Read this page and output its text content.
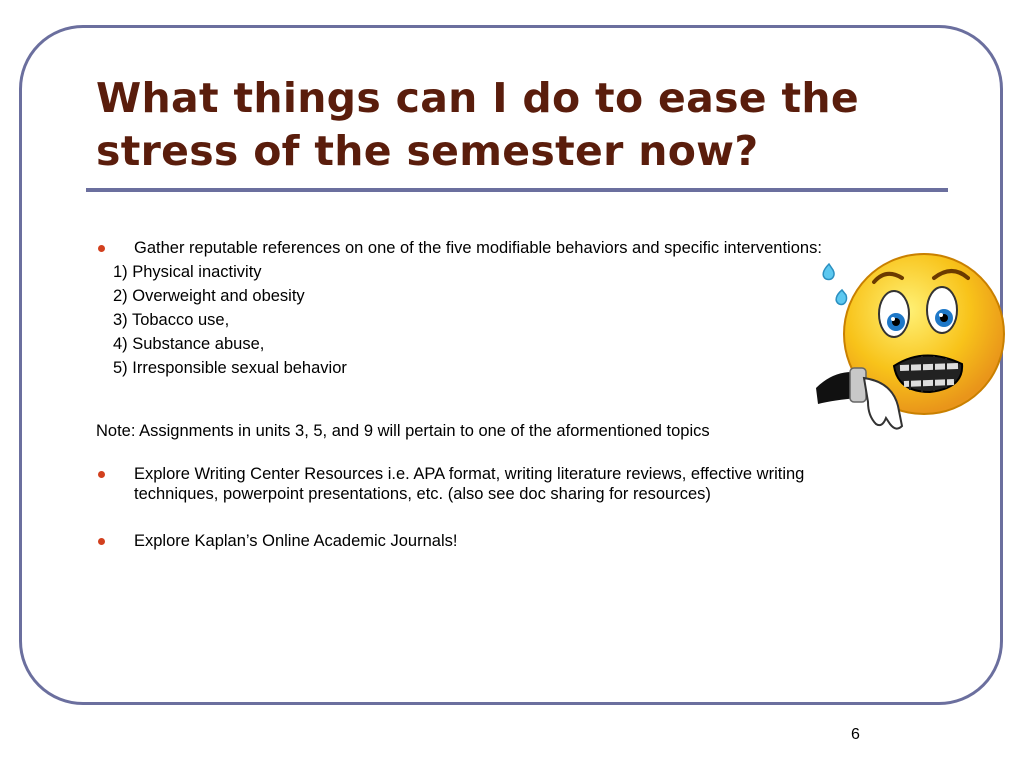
What things can I do to ease the stress of the semester now?
Gather reputable references on one of the five modifiable behaviors and specific interventions:
1) Physical inactivity
2) Overweight and obesity
3) Tobacco use,
4) Substance abuse,
5) Irresponsible sexual behavior
Note: Assignments in units 3, 5, and 9 will pertain to one of the aformentioned topics
Explore Writing Center Resources i.e. APA format, writing literature reviews, effective writing techniques, powerpoint presentations, etc. (also see doc sharing for resources)
Explore Kaplan’s Online Academic Journals!
6
